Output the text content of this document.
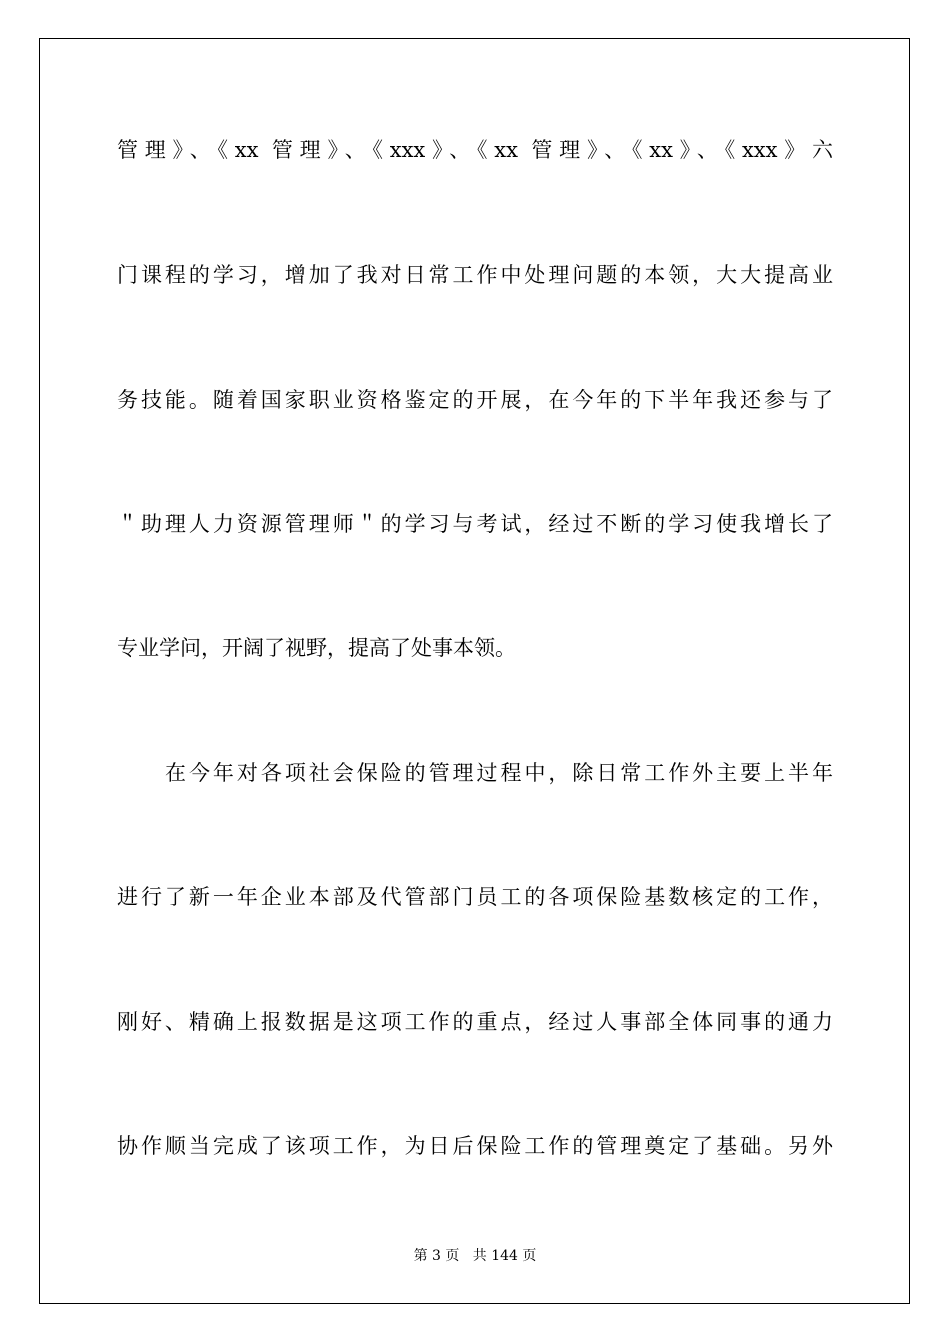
管理》、《xx 管理》、《xxx》、《xx 管理》、《xx》、《xxx》六
门课程的学习，增加了我对日常工作中处理问题的本领，大大提高业
务技能。随着国家职业资格鉴定的开展，在今年的下半年我还参与了
＂助理人力资源管理师＂的学习与考试，经过不断的学习使我增长了
专业学问，开阔了视野，提高了处事本领。
在今年对各项社会保险的管理过程中，除日常工作外主要上半年
进行了新一年企业本部及代管部门员工的各项保险基数核定的工作，
刚好、精确上报数据是这项工作的重点，经过人事部全体同事的通力
协作顺当完成了该项工作，为日后保险工作的管理奠定了基础。另外
第 3 页 共 144 页
